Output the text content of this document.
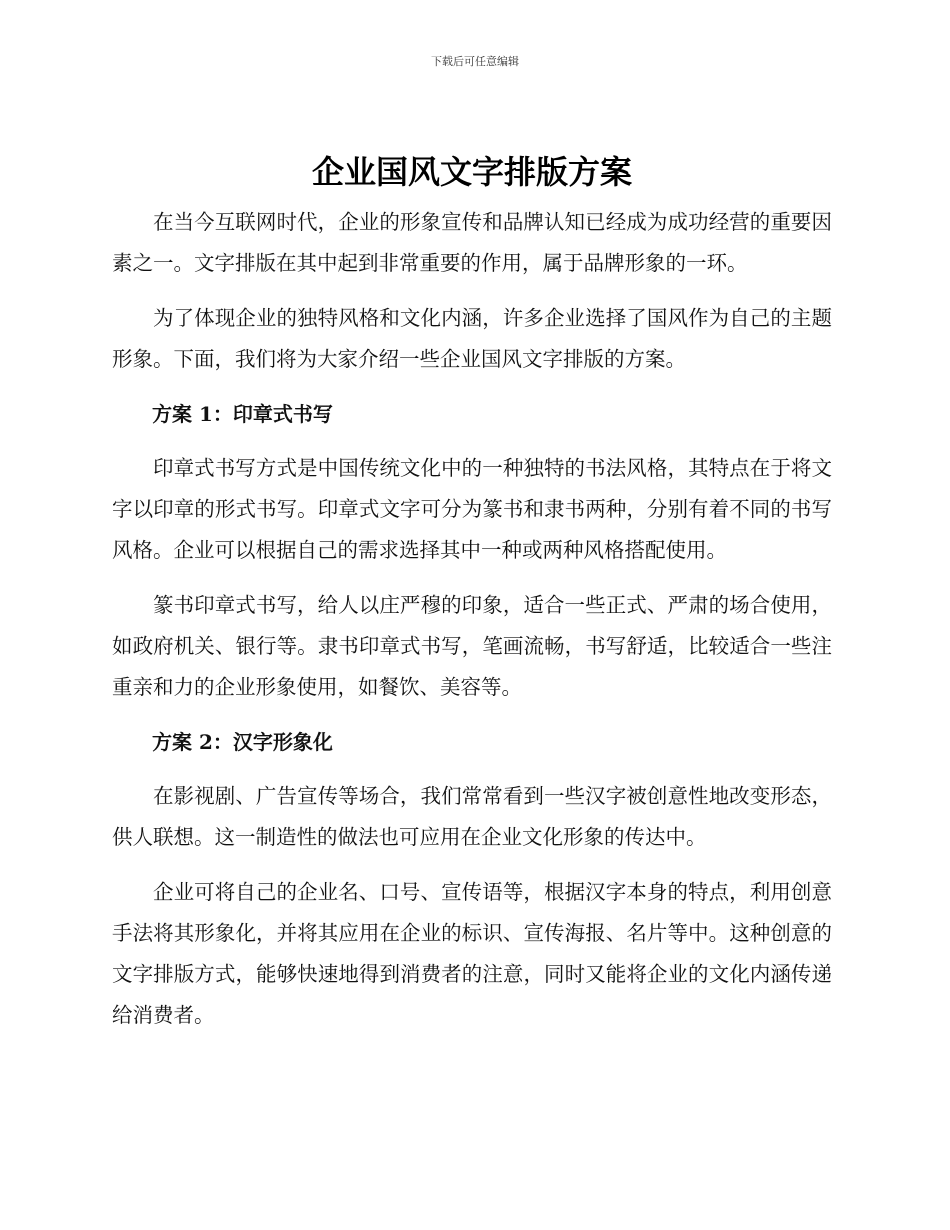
下载后可任意编辑
企业国风文字排版方案

在当今互联网时代，企业的形象宣传和品牌认知已经成为成功经营的重要因素之一。文字排版在其中起到非常重要的作用，属于品牌形象的一环。

为了体现企业的独特风格和文化内涵，许多企业选择了国风作为自己的主题形象。下面，我们将为大家介绍一些企业国风文字排版的方案。

方案 1：印章式书写

印章式书写方式是中国传统文化中的一种独特的书法风格，其特点在于将文字以印章的形式书写。印章式文字可分为篆书和隶书两种，分别有着不同的书写风格。企业可以根据自己的需求选择其中一种或两种风格搭配使用。

篆书印章式书写，给人以庄严穆的印象，适合一些正式、严肃的场合使用，如政府机关、银行等。隶书印章式书写，笔画流畅，书写舒适，比较适合一些注重亲和力的企业形象使用，如餐饮、美容等。

方案 2：汉字形象化

在影视剧、广告宣传等场合，我们常常看到一些汉字被创意性地改变形态，供人联想。这一制造性的做法也可应用在企业文化形象的传达中。

企业可将自己的企业名、口号、宣传语等，根据汉字本身的特点，利用创意手法将其形象化，并将其应用在企业的标识、宣传海报、名片等中。这种创意的文字排版方式，能够快速地得到消费者的注意，同时又能将企业的文化内涵传递给消费者。
